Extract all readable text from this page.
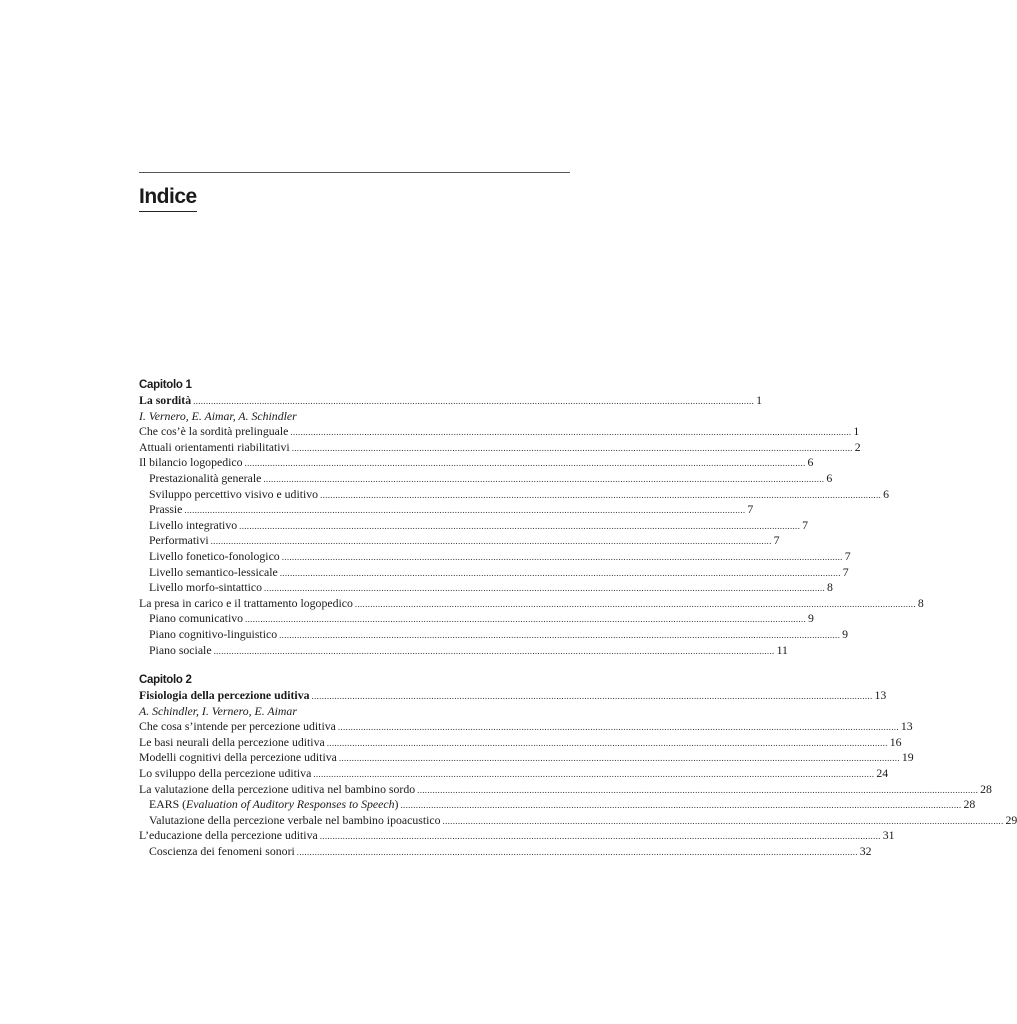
Indice
Capitolo 1
La sordità ............................................................................................................................................................................................................................ 1
I. Vernero, E. Aimar, A. Schindler
Che cos’è la sordità prelinguale ............................................................................................................................................................................................................................ 1
Attuali orientamenti riabilitativi ............................................................................................................................................................................................................................ 2
Il bilancio logopedico ............................................................................................................................................................................................................................ 6
Prestazionalità generale ............................................................................................................................................................................................................................ 6
Sviluppo percettivo visivo e uditivo ............................................................................................................................................................................................................................ 6
Prassie ............................................................................................................................................................................................................................ 7
Livello integrativo ............................................................................................................................................................................................................................ 7
Performativi ............................................................................................................................................................................................................................ 7
Livello fonetico-fonologico ............................................................................................................................................................................................................................ 7
Livello semantico-lessicale ............................................................................................................................................................................................................................ 7
Livello morfo-sintattico ............................................................................................................................................................................................................................ 8
La presa in carico e il trattamento logopedico ............................................................................................................................................................................................................................ 8
Piano comunicativo ............................................................................................................................................................................................................................ 9
Piano cognitivo-linguistico ............................................................................................................................................................................................................................ 9
Piano sociale ............................................................................................................................................................................................................................ 11
Capitolo 2
Fisiologia della percezione uditiva ............................................................................................................................................................................................................................ 13
A. Schindler, I. Vernero, E. Aimar
Che cosa s’intende per percezione uditiva ............................................................................................................................................................................................................................ 13
Le basi neurali della percezione uditiva ............................................................................................................................................................................................................................ 16
Modelli cognitivi della percezione uditiva ............................................................................................................................................................................................................................ 19
Lo sviluppo della percezione uditiva ............................................................................................................................................................................................................................ 24
La valutazione della percezione uditiva nel bambino sordo ............................................................................................................................................................................................................................ 28
EARS (Evaluation of Auditory Responses to Speech) ............................................................................................................................................................................................................................ 28
Valutazione della percezione verbale nel bambino ipoacustico ............................................................................................................................................................................................................................ 29
L’educazione della percezione uditiva ............................................................................................................................................................................................................................ 31
Coscienza dei fenomeni sonori ............................................................................................................................................................................................................................ 32
